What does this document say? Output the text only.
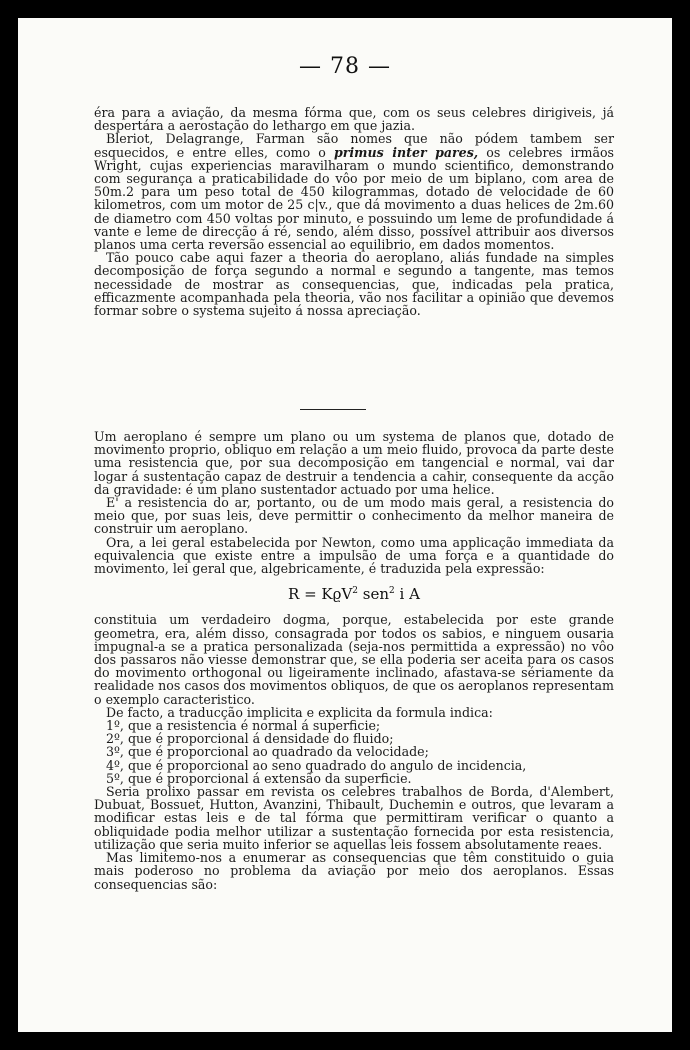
— 78 —

éra para a aviação, da mesma fórma que, com os seus celebres dirigiveis, já despertára a aerostação do lethargo em que jazia.

Bleriot, Delagrange, Farman são nomes que não pódem tambem ser esquecidos, e entre elles, como o primus inter pares, os celebres irmãos Wright, cujas experiencias maravilharam o mundo scientifico, demonstrando com segurança a praticabilidade do vôo por meio de um biplano, com area de 50m.2 para um peso total de 450 kilogrammas, dotado de velocidade de 60 kilometros, com um motor de 25 c|v., que dá movimento a duas helices de 2m.60 de diametro com 450 voltas por minuto, e possuindo um leme de profundidade á vante e leme de direcção á ré, sendo, além disso, possível attribuir aos diversos planos uma certa reversão essencial ao equilibrio, em dados momentos.

Tão pouco cabe aqui fazer a theoria do aeroplano, aliás fundade na simples decomposição de força segundo a normal e segundo a tangente, mas temos necessidade de mostrar as consequencias, que, indicadas pela pratica, efficazmente acompanhada pela theoria, vão nos facilitar a opinião que devemos formar sobre o systema sujeito á nossa apreciação.

Um aeroplano é sempre um plano ou um systema de planos que, dotado de movimento proprio, obliquo em relação a um meio fluido, provoca da parte deste uma resistencia que, por sua decomposição em tangencial e normal, vai dar logar á sustentação capaz de destruir a tendencia a cahir, consequente da acção da gravidade: é um plano sustentador actuado por uma helice.

E' a resistencia do ar, portanto, ou de um modo mais geral, a resistencia do meio que, por suas leis, deve permittir o conhecimento da melhor maneira de construir um aeroplano.

Ora, a lei geral estabelecida por Newton, como uma applicação immediata da equivalencia que existe entre a impulsão de uma força e a quantidade do movimento, lei geral que, algebricamente, é traduzida pela expressão:

R = KϱV$^2$ sen$^2$ i A

constituia um verdadeiro dogma, porque, estabelecida por este grande geometra, era, além disso, consagrada por todos os sabios, e ninguem ousaria impugnal-a se a pratica personalizada (seja-nos permittida a expressão) no vôo dos passaros não viesse demonstrar que, se ella poderia ser aceita para os casos do movimento orthogonal ou ligeiramente inclinado, afastava-se sériamente da realidade nos casos dos movimentos obliquos, de que os aeroplanos representam o exemplo caracteristico.

De facto, a traducção implicita e explicita da formula indica:

1º, que a resistencia é normal á superficie;

2º, que é proporcional á densidade do fluido;

3º, que é proporcional ao quadrado da velocidade;

4º, que é proporcional ao seno quadrado do angulo de incidencia,

5º, que é proporcional á extensão da superficie.

Seria prolixo passar em revista os celebres trabalhos de Borda, d'Alembert, Dubuat, Bossuet, Hutton, Avanzini, Thibault, Duchemin e outros, que levaram a modificar estas leis e de tal fórma que permittiram verificar o quanto a obliquidade podia melhor utilizar a sustentação fornecida por esta resistencia, utilização que seria muito inferior se aquellas leis fossem absolutamente reaes.

Mas limitemo-nos a enumerar as consequencias que têm constituido o guia mais poderoso no problema da aviação por meio dos aeroplanos. Essas consequencias são:
